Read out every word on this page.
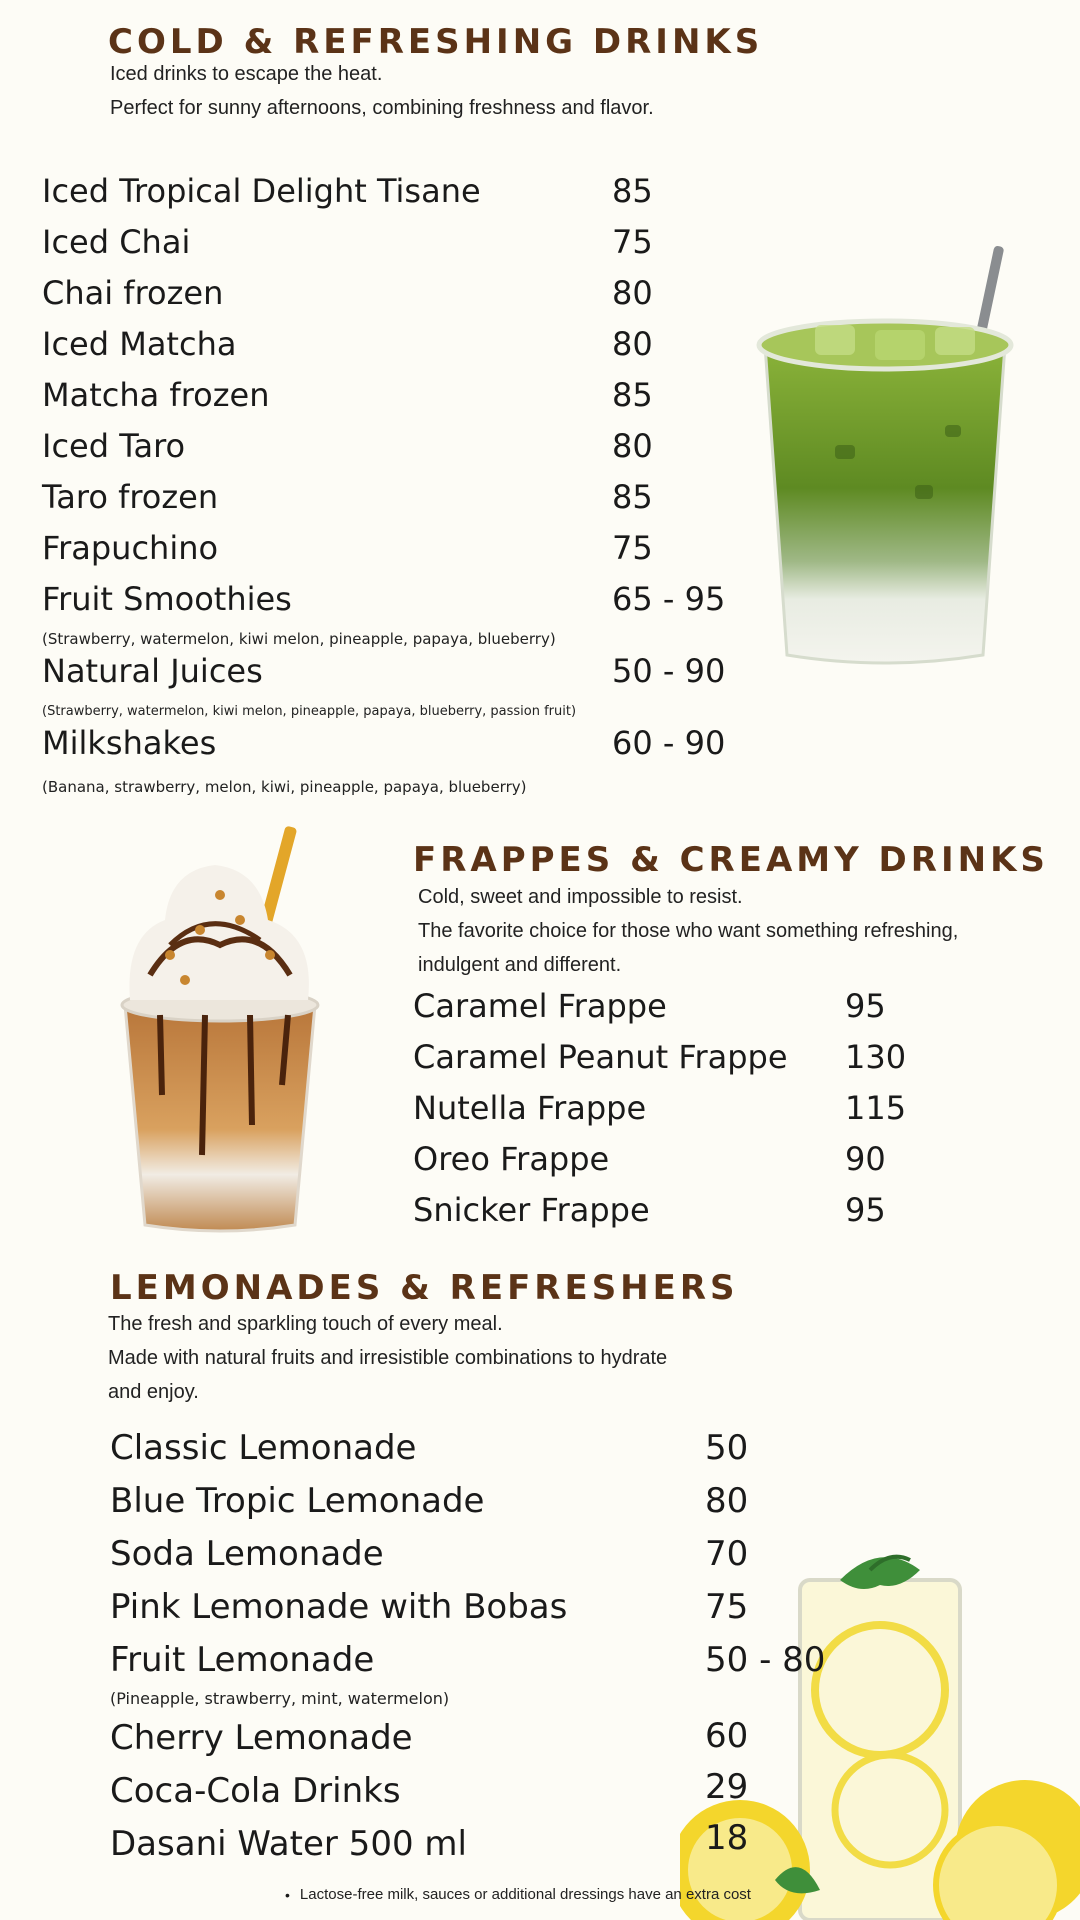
COLD & REFRESHING DRINKS
Iced drinks to escape the heat.
Perfect for sunny afternoons, combining freshness and flavor.
Iced Tropical Delight Tisane	85
Iced Chai	75
Chai frozen	80
Iced Matcha	80
Matcha frozen	85
Iced Taro	80
Taro frozen	85
Frapuchino	75
Fruit Smoothies	65 - 95
(Strawberry, watermelon, kiwi melon, pineapple, papaya, blueberry)
Natural Juices	50 - 90
(Strawberry, watermelon, kiwi melon, pineapple, papaya, blueberry, passion fruit)
Milkshakes	60 - 90
(Banana, strawberry, melon, kiwi, pineapple, papaya, blueberry)
FRAPPES & CREAMY DRINKS
Cold, sweet and impossible to resist.
The favorite choice for those who want something refreshing,
indulgent and different.
Caramel Frappe	95
Caramel Peanut Frappe 130
Nutella Frappe	115
Oreo Frappe	90
Snicker Frappe	95
LEMONADES & REFRESHERS
The fresh and sparkling touch of every meal.
Made with natural fruits and irresistible combinations to hydrate
and enjoy.
Classic Lemonade	50
Blue Tropic Lemonade	80
Soda Lemonade	70
Pink Lemonade with Bobas	75
Fruit Lemonade	50 - 80
(Pineapple, strawberry, mint, watermelon)
Cherry Lemonade	60
Coca-Cola Drinks	29
Dasani Water 500 ml	18
• Lactose-free milk, sauces or additional dressings have an extra cost
